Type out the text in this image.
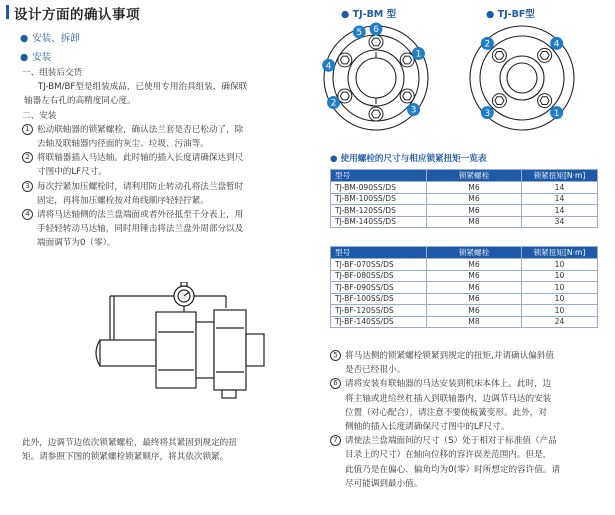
设计方面的确认事项
● 安装、拆卸
● 安装
一、组装后交货
TJ-BM/BF型是组装成品，已使用专用治具组装，确保联
轴器左右孔的高精度同心度。
二、安装
1 松动联轴器的锁紧螺栓，确认法兰套是否已松动了，除
去轴及联轴器内径面的灰尘、垃圾、污油等。
2 将联轴器插入马达轴。此时轴的插入长度请确保达到尺
寸图中的LF尺寸。
3 每次拧紧加压螺栓时，请利用防止转动孔将法兰盘暂时
固定，再将加压螺栓按对角线顺序轻轻拧紧。
4 请将马达轴侧的法兰盘端面或者外径抵至千分表上，用
手轻轻转动马达轴，同时用锤击将法兰盘外周部分以及
端面调节为0（零）。
此外，边调节边依次锁紧螺栓，最终将其紧固到规定的扭
矩。请参照下图的锁紧螺栓锁紧顺序，将其依次锁紧。
● TJ-BM 型	● TJ-BF型
1
2
3
4
5 6
1
2
3
4
● 使用螺栓的尺寸与相应锁紧扭矩一览表
型号	锁紧螺栓	锁紧扭矩[N·m]
TJ-BM-090SS/DS	M6	14
TJ-BM-100SS/DS	M6	14
TJ-BM-120SS/DS	M6	14
TJ-BM-140SS/DS	M8	34
型号	锁紧螺栓	锁紧扭矩[N·m]
TJ-BF-070SS/DS	M6	10
TJ-BF-080SS/DS	M6	10
TJ-BF-090SS/DS	M6	10
TJ-BF-100SS/DS	M6	10
TJ-BF-120SS/DS	M6	10
TJ-BF-140SS/DS	M8	24
5 将马达侧的锁紧螺栓锁紧到规定的扭矩,并请确认偏斜值
是否已经很小。
6 请将安装有联轴器的马达安装到机床本体上。此时，边
将主轴或进给丝杠插入到联轴器内，边调节马达的安装
位置（对心配合），请注意不要使板簧变形。此外，对
侧轴的插入长度请确保尺寸图中的LF尺寸。
7 请使法兰盘端面间的尺寸（S）处于相对于标准值（产品
目录上的尺寸）在轴向位移的容许误差范围内。但是，
此值乃是在偏心、偏角均为0(零）时所想定的容许值。请
尽可能调到最小值。
